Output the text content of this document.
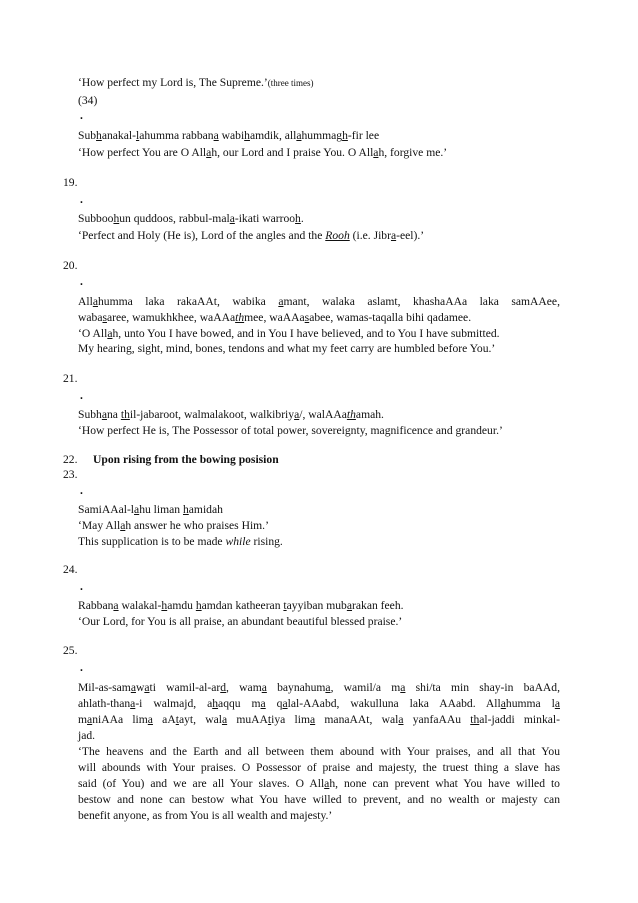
‘How perfect my Lord is, The Supreme.’(three times)
(34)
.
Subhanakal-lahumma rabbana wabihamdik, allahummagh-fir lee
‘How perfect You are O Allah, our Lord and I praise You. O Allah, forgive me.’
19.
.
Subboohun quddoos, rabbul-mala-ikati warrooh.
‘Perfect and Holy (He is), Lord of the angles and the Rooh (i.e. Jibra-eel).’
20.
.
Allahumma laka rakaAAt, wabika amant, walaka aslamt, khashaAAa laka samAAee,
wabasaree, wamukhkhee, waAAathmee, waAAasabee, wamas-taqalla bihi qadamee.
‘O Allah, unto You I have bowed, and in You I have believed, and to You I have submitted.
My hearing, sight, mind, bones, tendons and what my feet carry are humbled before You.’
21.
.
Subhana thil-jabaroot, walmalakoot, walkibriya/, walAAathamah.
‘How perfect He is, The Possessor of total power, sovereignty, magnificence and grandeur.’
22. Upon rising from the bowing posision
23.
.
SamiAAal-lahu liman hamidah
‘May Allah answer he who praises Him.’
This supplication is to be made while rising.
24.
.
Rabbana walakal-hamdu hamdan katheeran tayyiban mubarakan feeh.
‘Our Lord, for You is all praise, an abundant beautiful blessed praise.’
25.
.
Mil-as-samawati wamil-al-ard, wama baynahuma, wamil/a ma shi/ta min shay-in baAAd,
ahlath-thana-i walmajd, ahaqqu ma qalal-AAabd, wakulluna laka AAabd. Allahumma la
maniAAa lima aAtayt, wala muAAtiya lima manaAAt, wala yanfaAAu thal-jaddi minkal-
jad.
‘The heavens and the Earth and all between them abound with Your praises, and all that You
will abounds with Your praises. O Possessor of praise and majesty, the truest thing a slave has
said (of You) and we are all Your slaves. O Allah, none can prevent what You have willed to
bestow and none can bestow what You have willed to prevent, and no wealth or majesty can
benefit anyone, as from You is all wealth and majesty.’
